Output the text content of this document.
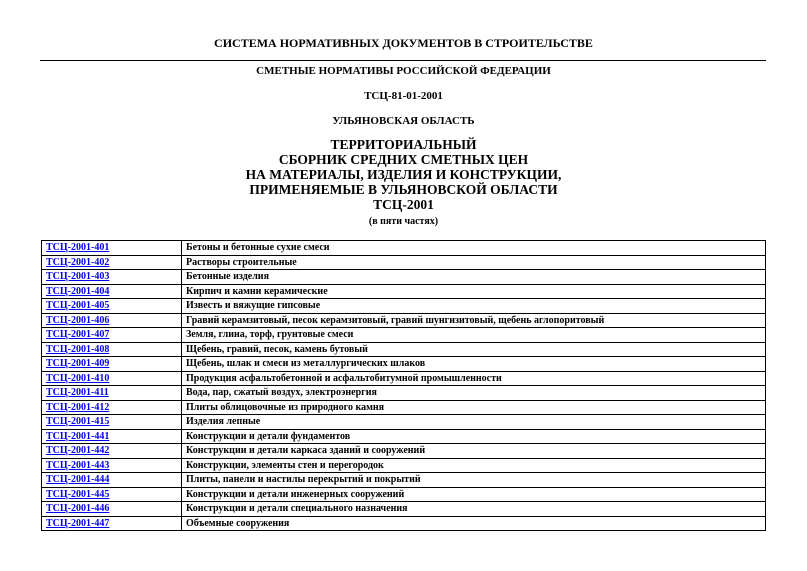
СИСТЕМА НОРМАТИВНЫХ ДОКУМЕНТОВ В СТРОИТЕЛЬСТВЕ
СМЕТНЫЕ НОРМАТИВЫ РОССИЙСКОЙ ФЕДЕРАЦИИ
ТСЦ-81-01-2001
УЛЬЯНОВСКАЯ ОБЛАСТЬ
ТЕРРИТОРИАЛЬНЫЙ
СБОРНИК СРЕДНИХ СМЕТНЫХ ЦЕН
НА МАТЕРИАЛЫ, ИЗДЕЛИЯ И КОНСТРУКЦИИ,
ПРИМЕНЯЕМЫЕ В УЛЬЯНОВСКОЙ ОБЛАСТИ
ТСЦ-2001
(в пяти частях)
ТСЦ-2001-401	Бетоны и бетонные сухие смеси
ТСЦ-2001-402	Растворы строительные
ТСЦ-2001-403	Бетонные изделия
ТСЦ-2001-404	Кирпич и камни керамические
ТСЦ-2001-405	Известь и вяжущие гипсовые
ТСЦ-2001-406	Гравий керамзитовый, песок керамзитовый, гравий шунгизитовый, щебень аглопоритовый
ТСЦ-2001-407	Земля, глина, торф, грунтовые смеси
ТСЦ-2001-408	Щебень, гравий, песок, камень бутовый
ТСЦ-2001-409	Щебень, шлак и смеси из металлургических шлаков
ТСЦ-2001-410	Продукция асфальтобетонной и асфальтобитумной промышленности
ТСЦ-2001-411	Вода, пар, сжатый воздух, электроэнергия
ТСЦ-2001-412	Плиты облицовочные из природного камня
ТСЦ-2001-415	Изделия лепные
ТСЦ-2001-441	Конструкции и детали фундаментов
ТСЦ-2001-442	Конструкции и детали каркаса зданий и сооружений
ТСЦ-2001-443	Конструкции, элементы стен и перегородок
ТСЦ-2001-444	Плиты, панели и настилы перекрытий и покрытий
ТСЦ-2001-445	Конструкции и детали инженерных сооружений
ТСЦ-2001-446	Конструкции и детали специального назначения
ТСЦ-2001-447	Объемные сооружения
